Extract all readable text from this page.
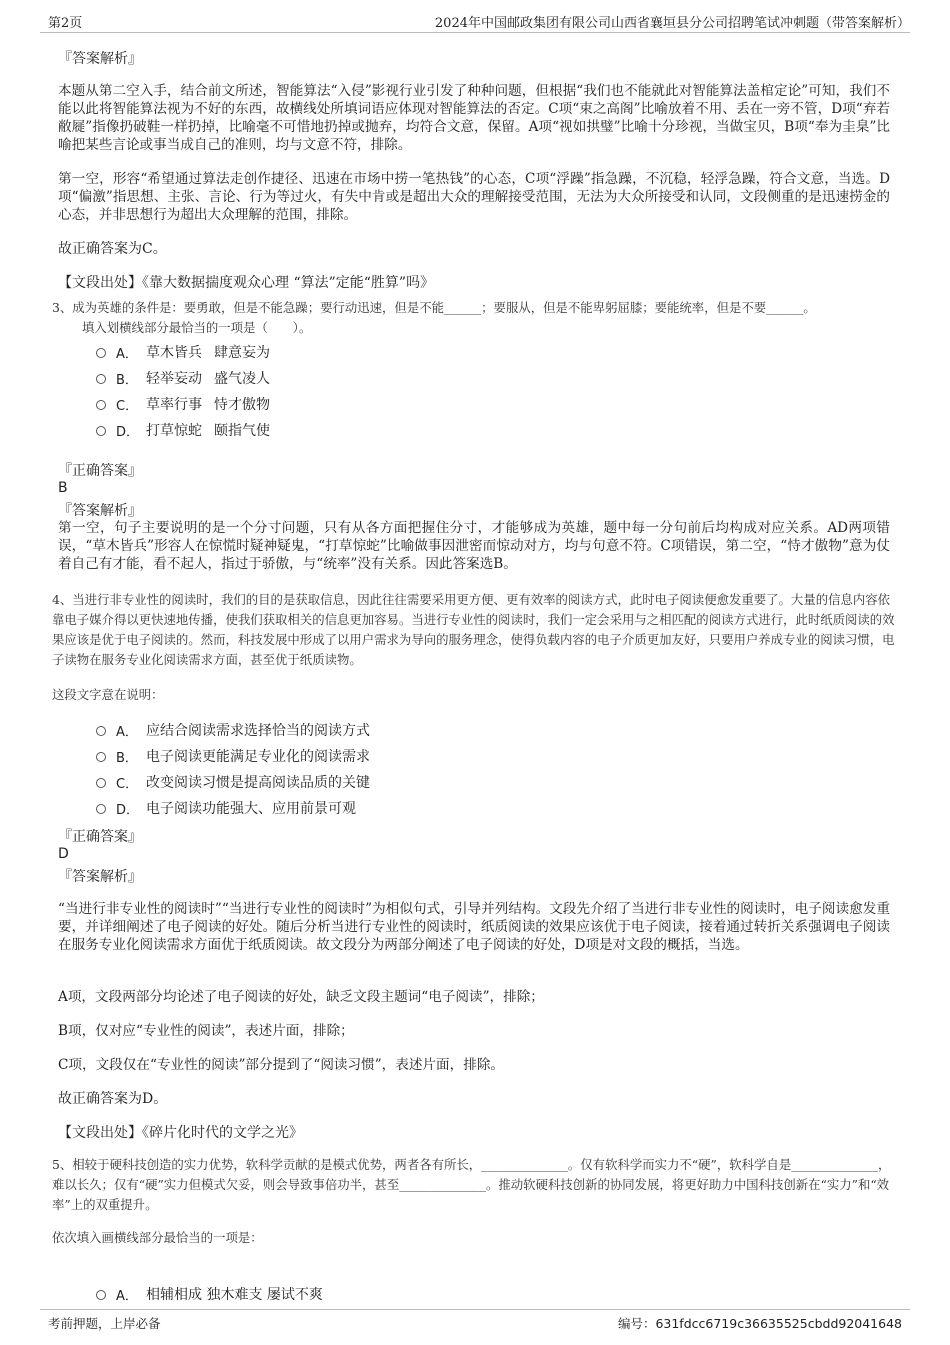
第2页	2024年中国邮政集团有限公司山西省襄垣县分公司招聘笔试冲刺题（带答案解析）
『答案解析』
本题从第二空入手，结合前文所述，智能算法“入侵”影视行业引发了种种问题，但根据“我们也不能就此对智能算法盖棺定论”可知，我们不能以此将智能算法视为不好的东西，故横线处所填词语应体现对智能算法的否定。C项“束之高阁”比喻放着不用、丢在一旁不管，D项“弃若敝屣”指像扔破鞋一样扔掉，比喻毫不可惜地扔掉或抛弃，均符合文意，保留。A项“视如拱璧”比喻十分珍视，当做宝贝，B项“奉为圭臬”比喻把某些言论或事当成自己的准则，均与文意不符，排除。
第一空，形容“希望通过算法走创作捷径、迅速在市场中捞一笔热钱”的心态，C项“浮躁”指急躁，不沉稳，轻浮急躁，符合文意，当选。D项“偏激”指思想、主张、言论、行为等过火，有失中肯或是超出大众的理解接受范围，无法为大众所接受和认同，文段侧重的是迅速捞金的心态，并非思想行为超出大众理解的范围，排除。
故正确答案为C。
【文段出处】《靠大数据揣度观众心理 “算法”定能“胜算”吗》
3、成为英雄的条件是：要勇敢，但是不能急躁；要行动迅速，但是不能______；要服从，但是不能卑躬屈膝；要能统率，但是不要______。
填入划横线部分最恰当的一项是（　　）。
A． 草木皆兵 肆意妄为
B． 轻举妄动 盛气凌人
C． 草率行事 恃才傲物
D． 打草惊蛇 颐指气使
『正确答案』
B
『答案解析』
第一空，句子主要说明的是一个分寸问题，只有从各方面把握住分寸，才能够成为英雄，题中每一分句前后均构成对应关系。AD两项错误，“草木皆兵”形容人在惊慌时疑神疑鬼，“打草惊蛇”比喻做事因泄密而惊动对方，均与句意不符。C项错误，第二空，“恃才傲物”意为仗着自己有才能，看不起人，指过于骄傲，与“统率”没有关系。因此答案选B。
4、当进行非专业性的阅读时，我们的目的是获取信息，因此往往需要采用更方便、更有效率的阅读方式，此时电子阅读便愈发重要了。大量的信息内容依靠电子媒介得以更快速地传播，使我们获取相关的信息更加容易。当进行专业性的阅读时，我们一定会采用与之相匹配的阅读方式进行，此时纸质阅读的效果应该是优于电子阅读的。然而，科技发展中形成了以用户需求为导向的服务理念，使得负载内容的电子介质更加友好，只要用户养成专业的阅读习惯，电子读物在服务专业化阅读需求方面，甚至优于纸质读物。
这段文字意在说明：
A． 应结合阅读需求选择恰当的阅读方式
B． 电子阅读更能满足专业化的阅读需求
C． 改变阅读习惯是提高阅读品质的关键
D． 电子阅读功能强大、应用前景可观
『正确答案』
D
『答案解析』
“当进行非专业性的阅读时”“当进行专业性的阅读时”为相似句式，引导并列结构。文段先介绍了当进行非专业性的阅读时，电子阅读愈发重要，并详细阐述了电子阅读的好处。随后分析当进行专业性的阅读时，纸质阅读的效果应该优于电子阅读，接着通过转折关系强调电子阅读在服务专业化阅读需求方面优于纸质阅读。故文段分为两部分阐述了电子阅读的好处，D项是对文段的概括，当选。
A项，文段两部分均论述了电子阅读的好处，缺乏文段主题词“电子阅读”，排除；
B项，仅对应“专业性的阅读”，表述片面，排除；
C项，文段仅在“专业性的阅读”部分提到了“阅读习惯”，表述片面，排除。
故正确答案为D。
【文段出处】《碎片化时代的文学之光》
5、相较于硬科技创造的实力优势，软科学贡献的是模式优势，两者各有所长，______________。仅有软科学而实力不“硬”，软科学自是______________，难以长久；仅有“硬”实力但模式欠妥，则会导致事倍功半，甚至______________。推动软硬科技创新的协同发展，将更好助力中国科技创新在“实力”和“效率”上的双重提升。
依次填入画横线部分最恰当的一项是：
A． 相辅相成 独木难支 屡试不爽
考前押题，上岸必备	编号：631fdcc6719c36635525cbdd92041648
